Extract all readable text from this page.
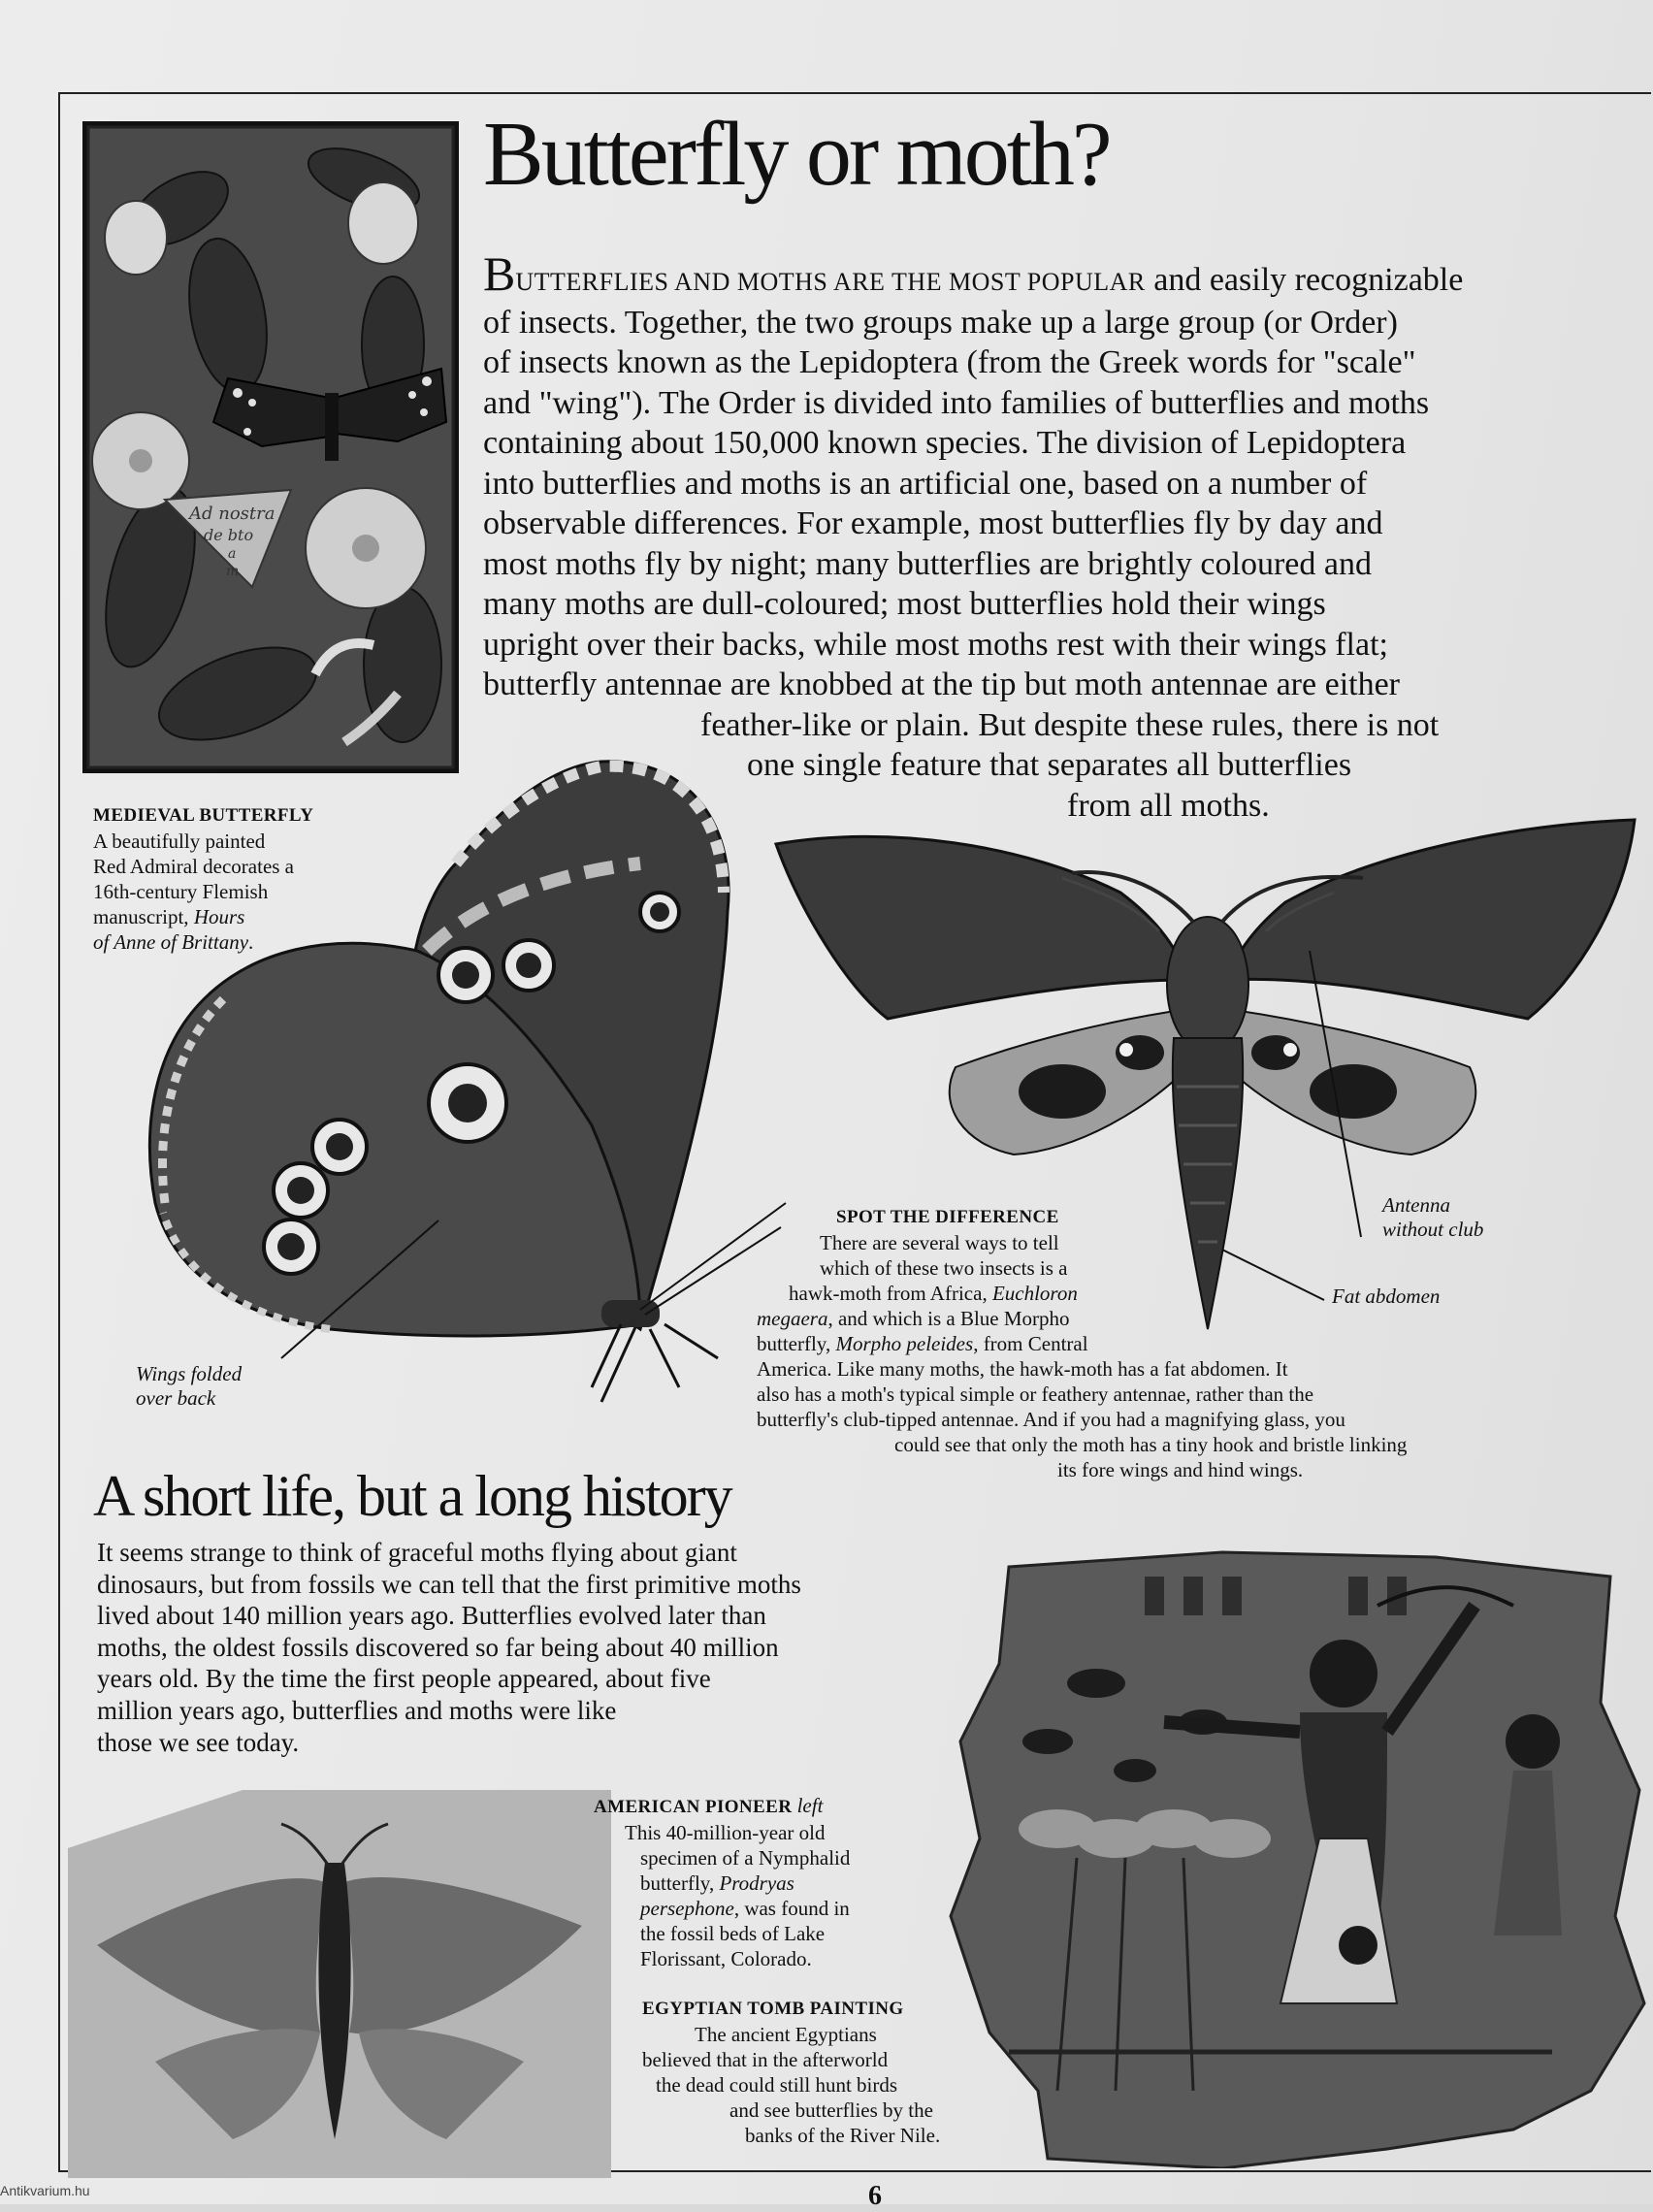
Ad nostra
de bto
a
m
Butterfly or moth?
BUTTERFLIES AND MOTHS ARE THE MOST POPULAR and easily recognizable
of insects. Together, the two groups make up a large group (or Order)
of insects known as the Lepidoptera (from the Greek words for "scale"
and "wing"). The Order is divided into families of butterflies and moths
containing about 150,000 known species. The division of Lepidoptera
into butterflies and moths is an artificial one, based on a number of
observable differences. For example, most butterflies fly by day and
most moths fly by night; many butterflies are brightly coloured and
many moths are dull-coloured; most butterflies hold their wings
upright over their backs, while most moths rest with their wings flat;
butterfly antennae are knobbed at the tip but moth antennae are either
feather-like or plain. But despite these rules, there is not
one single feature that separates all butterflies
from all moths.
MEDIEVAL BUTTERFLY
A beautifully painted
Red Admiral decorates a
16th-century Flemish
manuscript, Hours
of Anne of Brittany.
Wings folded
over back
Antenna
without club
Fat abdomen
SPOT THE DIFFERENCE
There are several ways to tell
which of these two insects is a
hawk-moth from Africa, Euchloron
megaera, and which is a Blue Morpho
butterfly, Morpho peleides, from Central
America. Like many moths, the hawk-moth has a fat abdomen. It
also has a moth's typical simple or feathery antennae, rather than the
butterfly's club-tipped antennae. And if you had a magnifying glass, you
could see that only the moth has a tiny hook and bristle linking
its fore wings and hind wings.
A short life, but a long history
It seems strange to think of graceful moths flying about giant
dinosaurs, but from fossils we can tell that the first primitive moths
lived about 140 million years ago. Butterflies evolved later than
moths, the oldest fossils discovered so far being about 40 million
years old. By the time the first people appeared, about five
million years ago, butterflies and moths were like
those we see today.
AMERICAN PIONEER left
This 40-million-year old
specimen of a Nymphalid
butterfly, Prodryas
persephone, was found in
the fossil beds of Lake
Florissant, Colorado.
EGYPTIAN TOMB PAINTING
The ancient Egyptians
believed that in the afterworld
the dead could still hunt birds
and see butterflies by the
banks of the River Nile.
6
Antikvarium.hu
